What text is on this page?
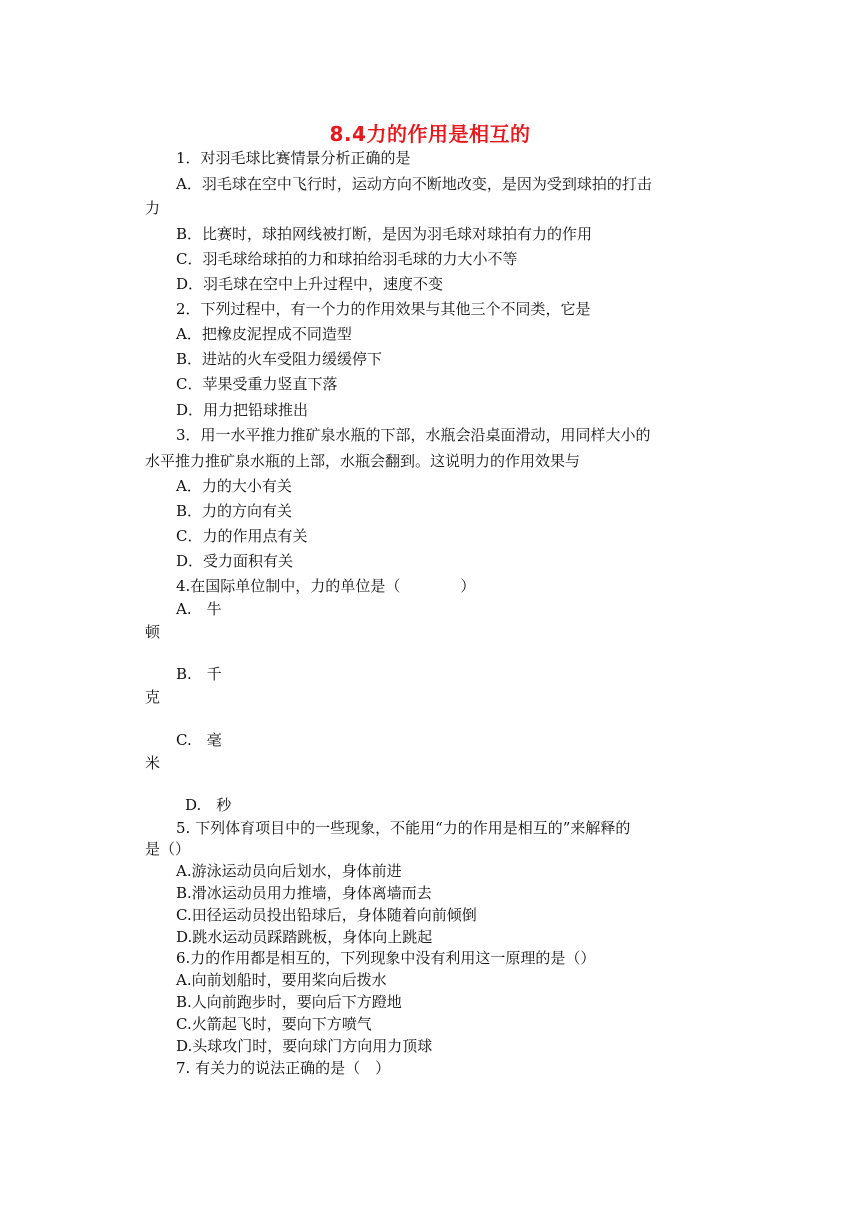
8.4力的作用是相互的
1．对羽毛球比赛情景分析正确的是
A．羽毛球在空中飞行时，运动方向不断地改变，是因为受到球拍的打击
力
B．比赛时，球拍网线被打断，是因为羽毛球对球拍有力的作用
C．羽毛球给球拍的力和球拍给羽毛球的力大小不等
D．羽毛球在空中上升过程中，速度不变
2．下列过程中，有一个力的作用效果与其他三个不同类，它是
A．把橡皮泥捏成不同造型
B．进站的火车受阻力缓缓停下
C．苹果受重力竖直下落
D．用力把铅球推出
3．用一水平推力推矿泉水瓶的下部，水瓶会沿桌面滑动，用同样大小的
水平推力推矿泉水瓶的上部，水瓶会翻到。这说明力的作用效果与
A．力的大小有关
B．力的方向有关
C．力的作用点有关
D．受力面积有关
4.在国际单位制中，力的单位是（　　　　）
A.　牛
顿
B.　千
克
C.　毫
米
D.　秒
5. 下列体育项目中的一些现象，不能用“力的作用是相互的”来解释的
是（）
A.游泳运动员向后划水，身体前进
B.滑冰运动员用力推墙，身体离墙而去
C.田径运动员投出铅球后，身体随着向前倾倒
D.跳水运动员踩踏跳板，身体向上跳起
6.力的作用都是相互的，下列现象中没有利用这一原理的是（）
A.向前划船时，要用桨向后拨水
B.人向前跑步时，要向后下方蹬地
C.火箭起飞时，要向下方喷气
D.头球攻门时，要向球门方向用力顶球
7. 有关力的说法正确的是（　）
